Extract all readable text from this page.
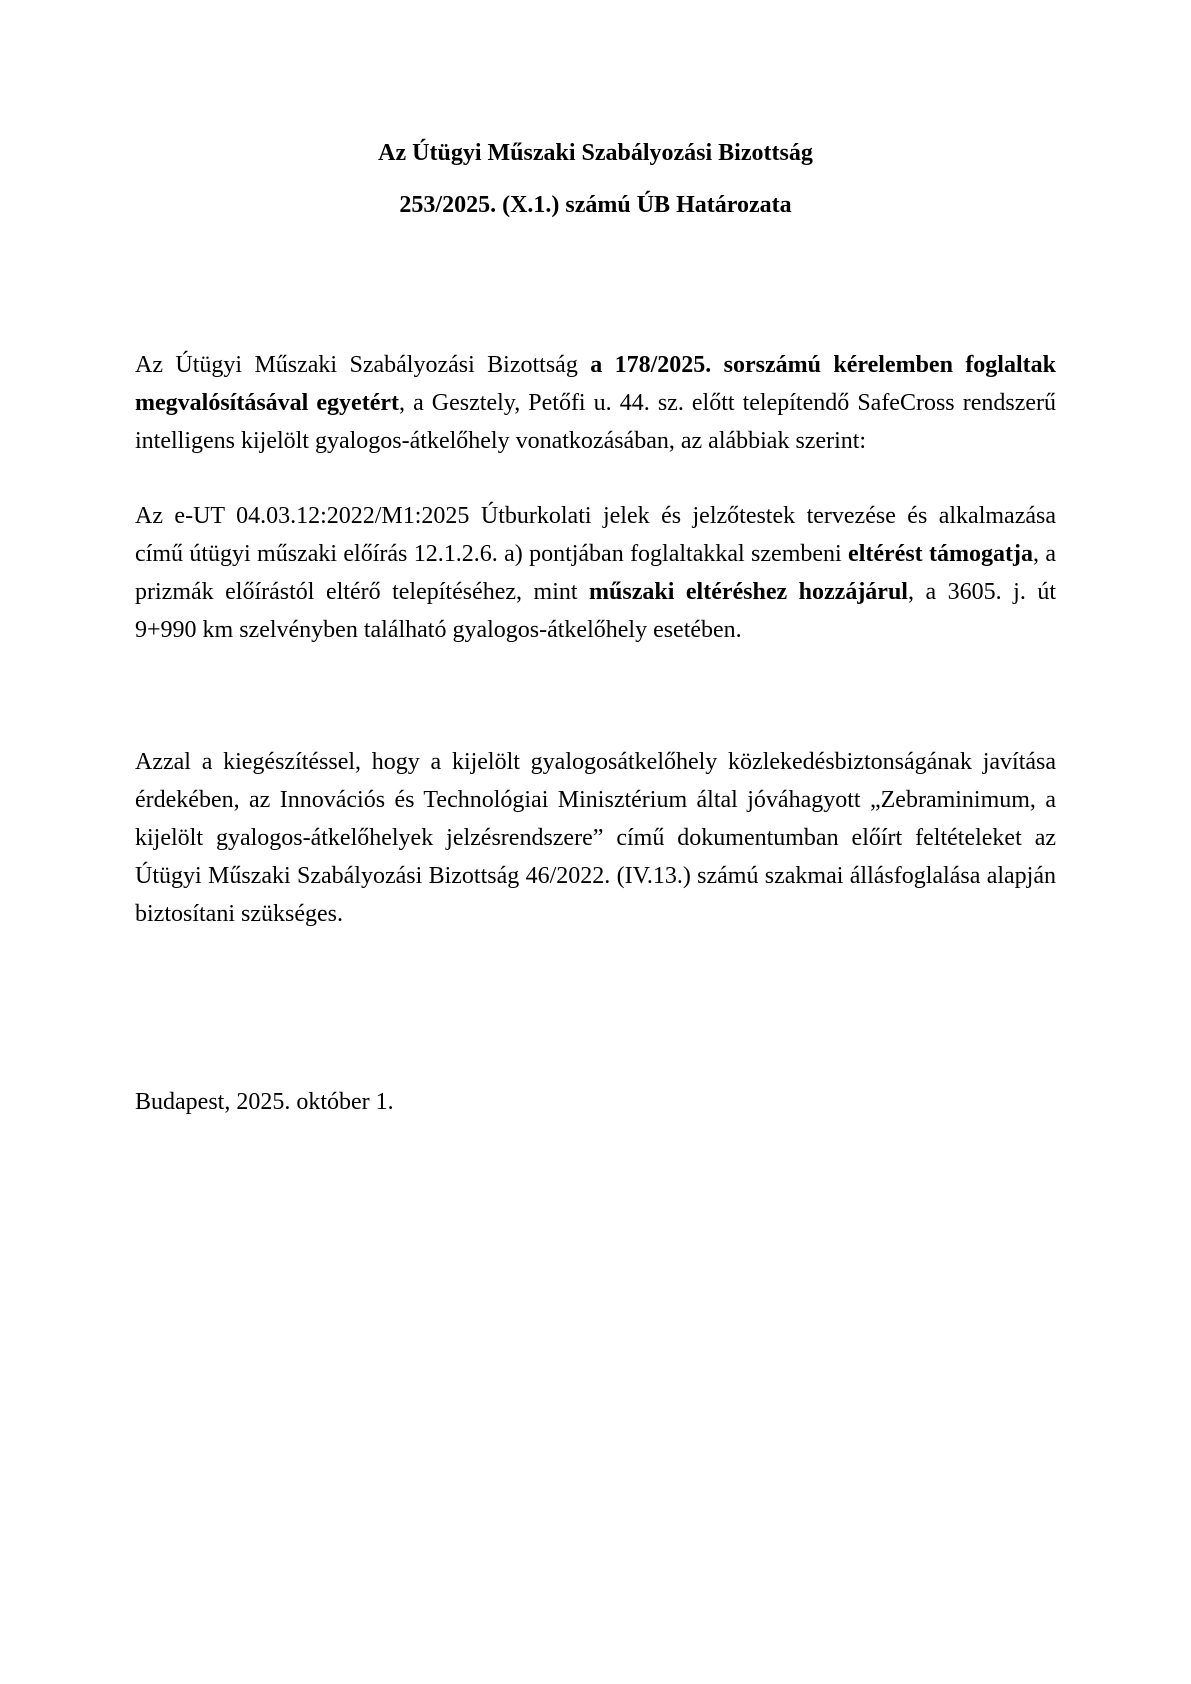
Az Útügyi Műszaki Szabályozási Bizottság

253/2025. (X.1.) számú ÚB Határozata

Az Útügyi Műszaki Szabályozási Bizottság a 178/2025. sorszámú kérelemben foglaltak megvalósításával egyetért, a Gesztely, Petőfi u. 44. sz. előtt telepítendő SafeCross rendszerű intelligens kijelölt gyalogos-átkelőhely vonatkozásában, az alábbiak szerint:

Az e-UT 04.03.12:2022/M1:2025 Útburkolati jelek és jelzőtestek tervezése és alkalmazása című útügyi műszaki előírás 12.1.2.6. a) pontjában foglaltakkal szembeni eltérést támogatja, a prizmák előírástól eltérő telepítéséhez, mint műszaki eltéréshez hozzájárul, a 3605. j. út 9+990 km szelvényben található gyalogos-átkelőhely esetében.

Azzal a kiegészítéssel, hogy a kijelölt gyalogosátkelőhely közlekedésbiztonságának javítása érdekében, az Innovációs és Technológiai Minisztérium által jóváhagyott „Zebraminimum, a kijelölt gyalogos-átkelőhelyek jelzésrendszere” című dokumentumban előírt feltételeket az Útügyi Műszaki Szabályozási Bizottság 46/2022. (IV.13.) számú szakmai állásfoglalása alapján biztosítani szükséges.

Budapest, 2025. október 1.
